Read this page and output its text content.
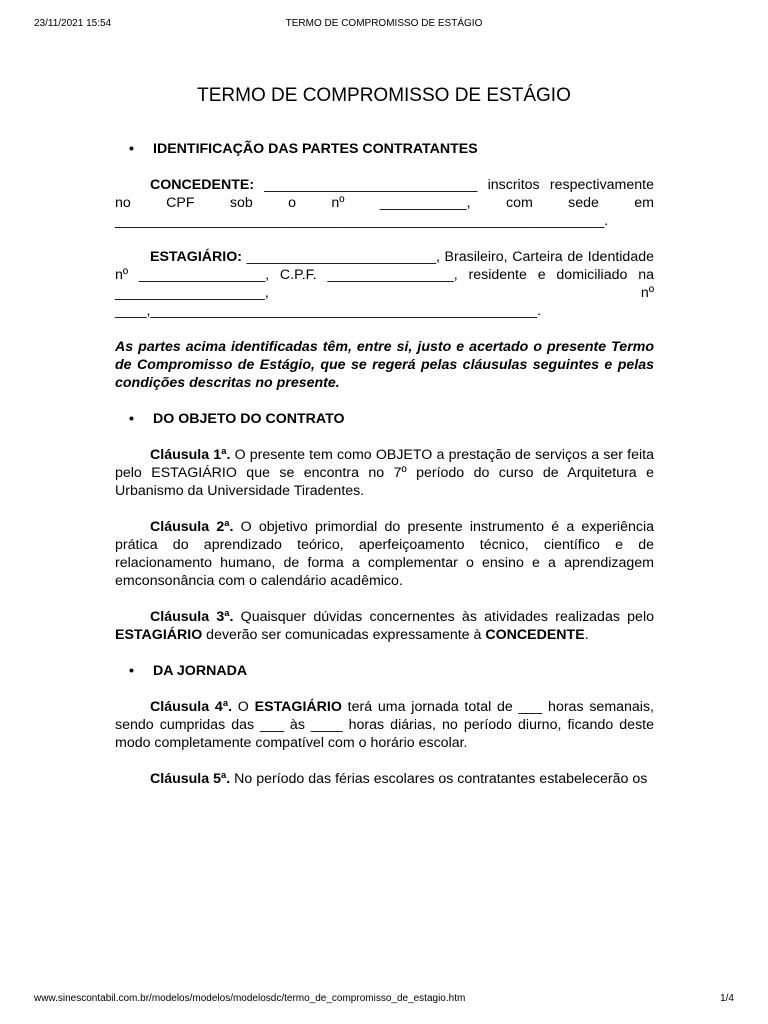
23/11/2021 15:54	TERMO DE COMPROMISSO DE ESTÁGIO
TERMO DE COMPROMISSO DE ESTÁGIO
• IDENTIFICAÇÃO DAS PARTES CONTRATANTES

CONCEDENTE: ___________________________ inscritos respectivamente no CPF sob o nº ___________, com sede em ______________________________________________________________.

ESTAGIÁRIO: ________________________, Brasileiro, Carteira de Identidade nº ________________, C.P.F. ________________, residente e domiciliado na ___________________, nº ____,_________________________________________________.

As partes acima identificadas têm, entre si, justo e acertado o presente Termo de Compromisso de Estágio, que se regerá pelas cláusulas seguintes e pelas condições descritas no presente.

• DO OBJETO DO CONTRATO

Cláusula 1ª. O presente tem como OBJETO a prestação de serviços a ser feita pelo ESTAGIÁRIO que se encontra no 7º período do curso de Arquitetura e Urbanismo da Universidade Tiradentes.

Cláusula 2ª. O objetivo primordial do presente instrumento é a experiência prática do aprendizado teórico, aperfeiçoamento técnico, científico e de relacionamento humano, de forma a complementar o ensino e a aprendizagem emconsonância com o calendário acadêmico.

Cláusula 3ª. Quaisquer dúvidas concernentes às atividades realizadas pelo ESTAGIÁRIO deverão ser comunicadas expressamente à CONCEDENTE.

• DA JORNADA

Cláusula 4ª. O ESTAGIÁRIO terá uma jornada total de ___ horas semanais, sendo cumpridas das ___ às ____ horas diárias, no período diurno, ficando deste modo completamente compatível com o horário escolar.

Cláusula 5ª. No período das férias escolares os contratantes estabelecerão os
www.sinescontabil.com.br/modelos/modelos/modelosdc/termo_de_compromisso_de_estagio.htm	1/4
